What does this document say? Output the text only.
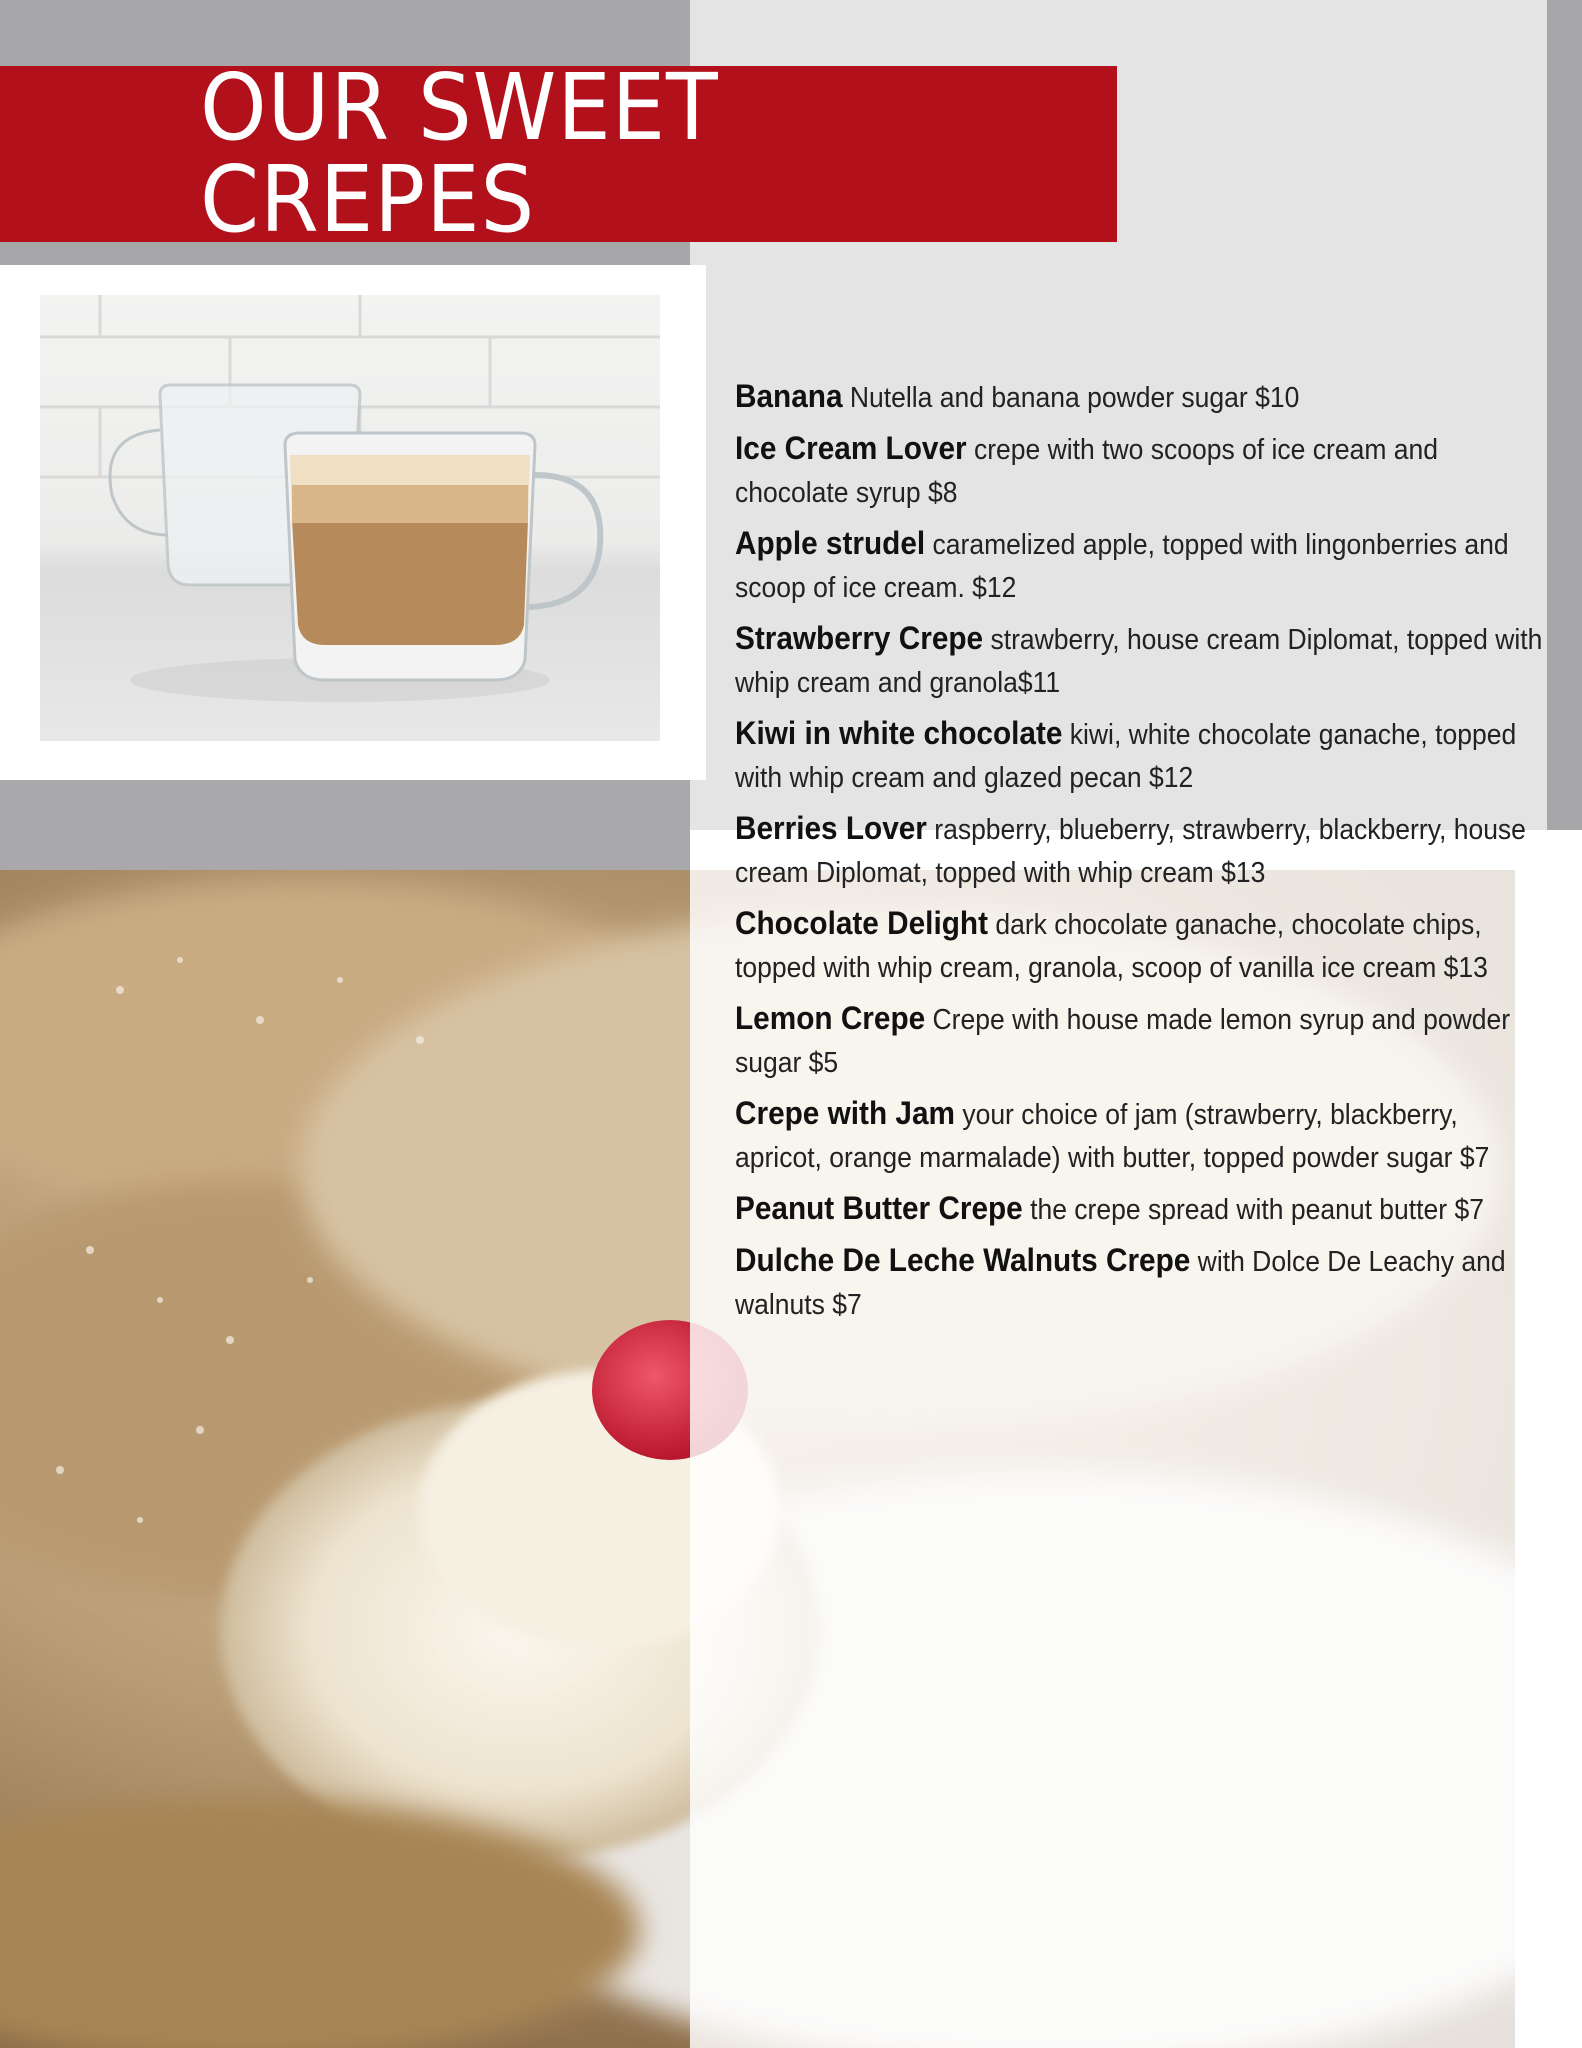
OUR SWEET CREPES
Banana Nutella and banana powder sugar $10
Ice Cream Lover crepe with two scoops of ice cream and chocolate syrup $8
Apple strudel caramelized apple, topped with lingonberries and scoop of ice cream. $12
Strawberry Crepe strawberry, house cream Diplomat, topped with whip cream and granola$11
Kiwi in white chocolate kiwi, white chocolate ganache, topped with whip cream and glazed pecan $12
Berries Lover raspberry, blueberry, strawberry, blackberry, house cream Diplomat, topped with whip cream $13
Chocolate Delight dark chocolate ganache, chocolate chips, topped with whip cream, granola, scoop of vanilla ice cream $13
Lemon Crepe Crepe with house made lemon syrup and powder sugar $5
Crepe with Jam your choice of jam (strawberry, blackberry, apricot, orange marmalade) with butter, topped powder sugar $7
Peanut Butter Crepe the crepe spread with peanut butter $7
Dulche De Leche Walnuts Crepe with Dolce De Leachy and walnuts $7
